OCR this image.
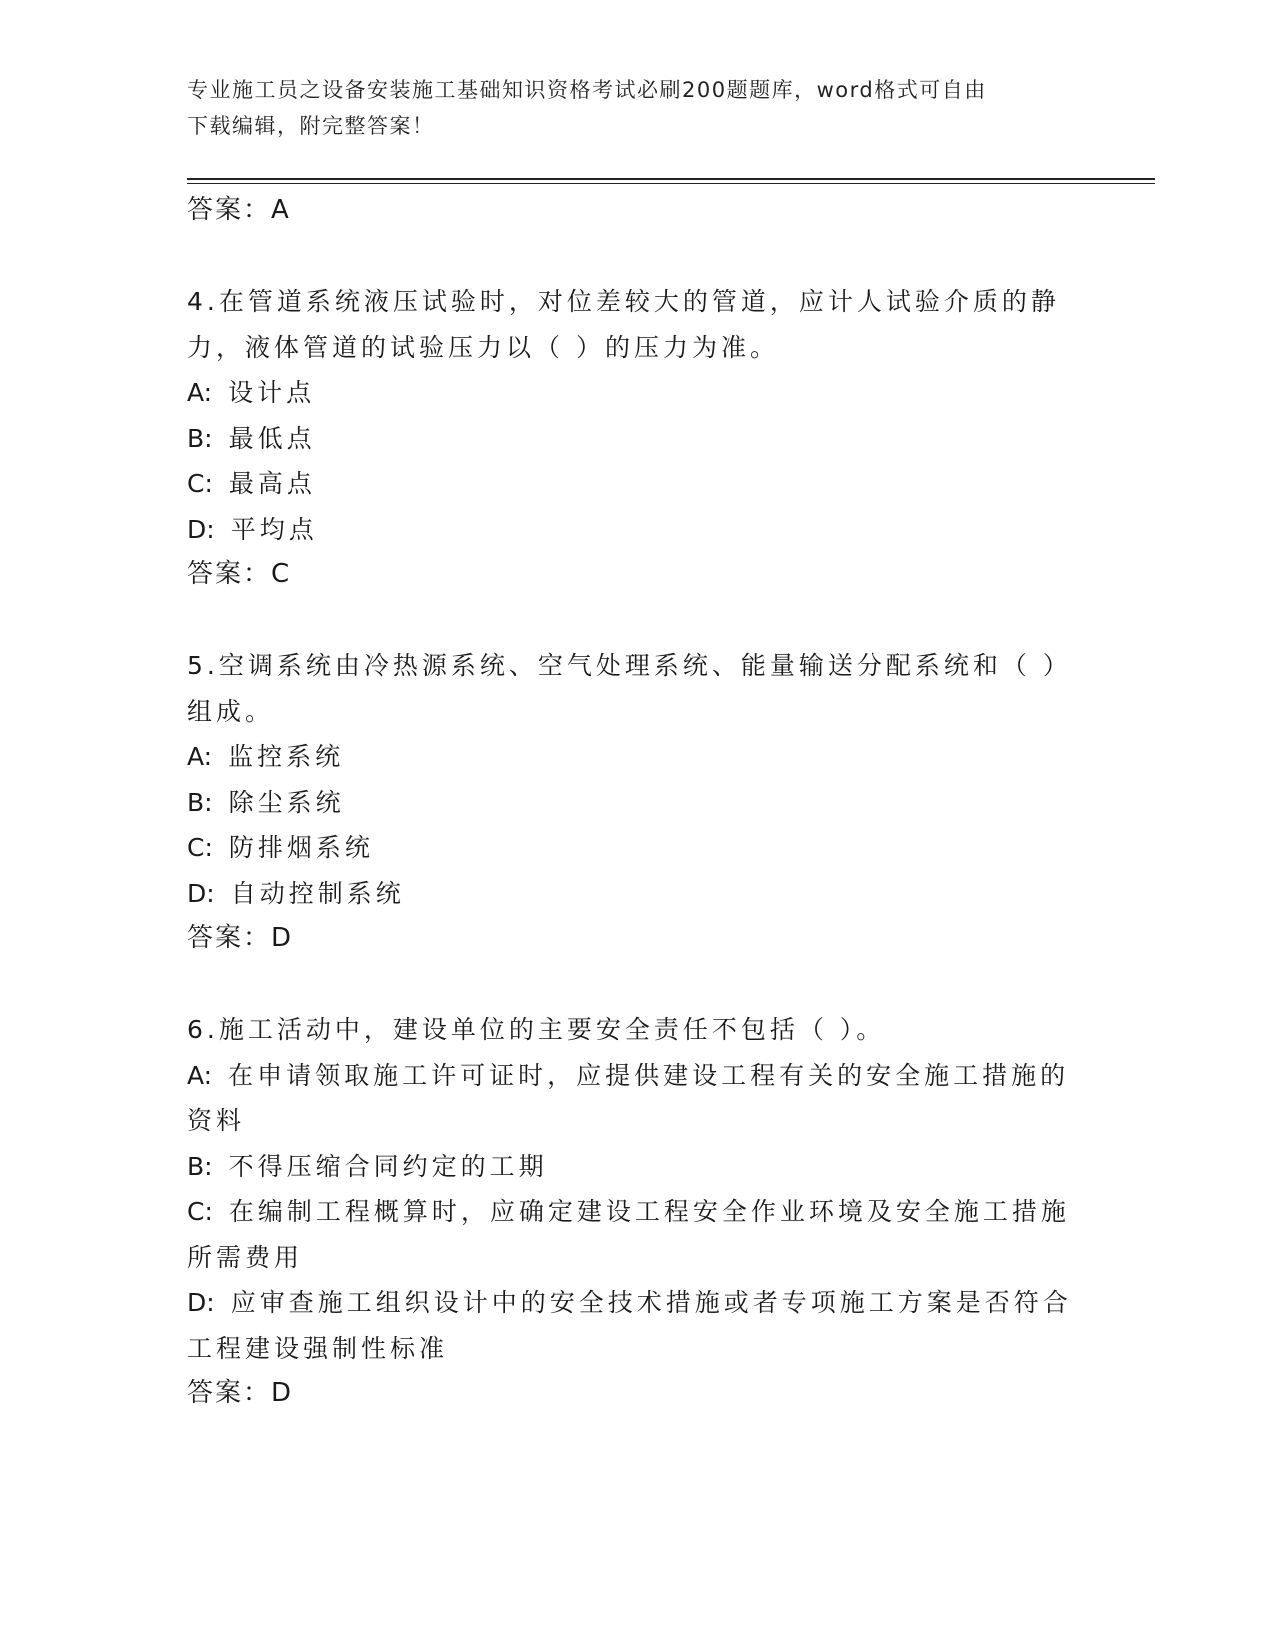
专业施工员之设备安装施工基础知识资格考试必刷200题题库，word格式可自由
下载编辑，附完整答案！
答案：A
4.在管道系统液压试验时，对位差较大的管道，应计人试验介质的静
力，液体管道的试验压力以（ ）的压力为准。
A: 设计点
B: 最低点
C: 最高点
D: 平均点
答案：C
5.空调系统由冷热源系统、空气处理系统、能量输送分配系统和（ ）
组成。
A: 监控系统
B: 除尘系统
C: 防排烟系统
D: 自动控制系统
答案：D
6.施工活动中，建设单位的主要安全责任不包括（ ）。
A: 在申请领取施工许可证时，应提供建设工程有关的安全施工措施的
资料
B: 不得压缩合同约定的工期
C: 在编制工程概算时，应确定建设工程安全作业环境及安全施工措施
所需费用
D: 应审查施工组织设计中的安全技术措施或者专项施工方案是否符合
工程建设强制性标准
答案：D
